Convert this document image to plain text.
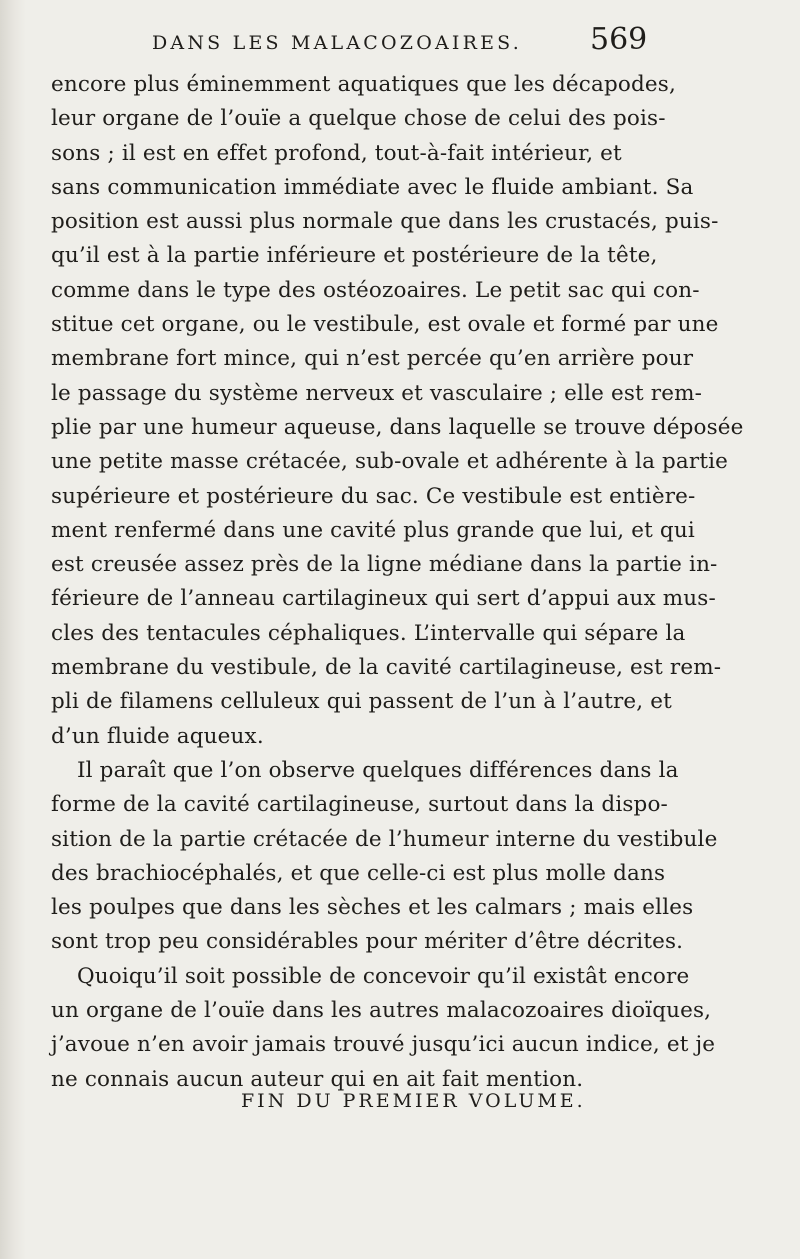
DANS LES MALACOZOAIRES. 569
encore plus éminemment aquatiques que les décapodes,
leur organe de l’ouïe a quelque chose de celui des pois-
sons ; il est en effet profond, tout-à-fait intérieur, et
sans communication immédiate avec le fluide ambiant. Sa
position est aussi plus normale que dans les crustacés, puis-
qu’il est à la partie inférieure et postérieure de la tête,
comme dans le type des ostéozoaires. Le petit sac qui con-
stitue cet organe, ou le vestibule, est ovale et formé par une
membrane fort mince, qui n’est percée qu’en arrière pour
le passage du système nerveux et vasculaire ; elle est rem-
plie par une humeur aqueuse, dans laquelle se trouve déposée
une petite masse crétacée, sub-ovale et adhérente à la partie
supérieure et postérieure du sac. Ce vestibule est entière-
ment renfermé dans une cavité plus grande que lui, et qui
est creusée assez près de la ligne médiane dans la partie in-
férieure de l’anneau cartilagineux qui sert d’appui aux mus-
cles des tentacules céphaliques. L’intervalle qui sépare la
membrane du vestibule, de la cavité cartilagineuse, est rem-
pli de filamens celluleux qui passent de l’un à l’autre, et
d’un fluide aqueux.
Il paraît que l’on observe quelques différences dans la
forme de la cavité cartilagineuse, surtout dans la dispo-
sition de la partie crétacée de l’humeur interne du vestibule
des brachiocéphalés, et que celle-ci est plus molle dans
les poulpes que dans les sèches et les calmars ; mais elles
sont trop peu considérables pour mériter d’être décrites.
Quoiqu’il soit possible de concevoir qu’il existât encore
un organe de l’ouïe dans les autres malacozoaires dioïques,
j’avoue n’en avoir jamais trouvé jusqu’ici aucun indice, et je
ne connais aucun auteur qui en ait fait mention.
FIN DU PREMIER VOLUME.
